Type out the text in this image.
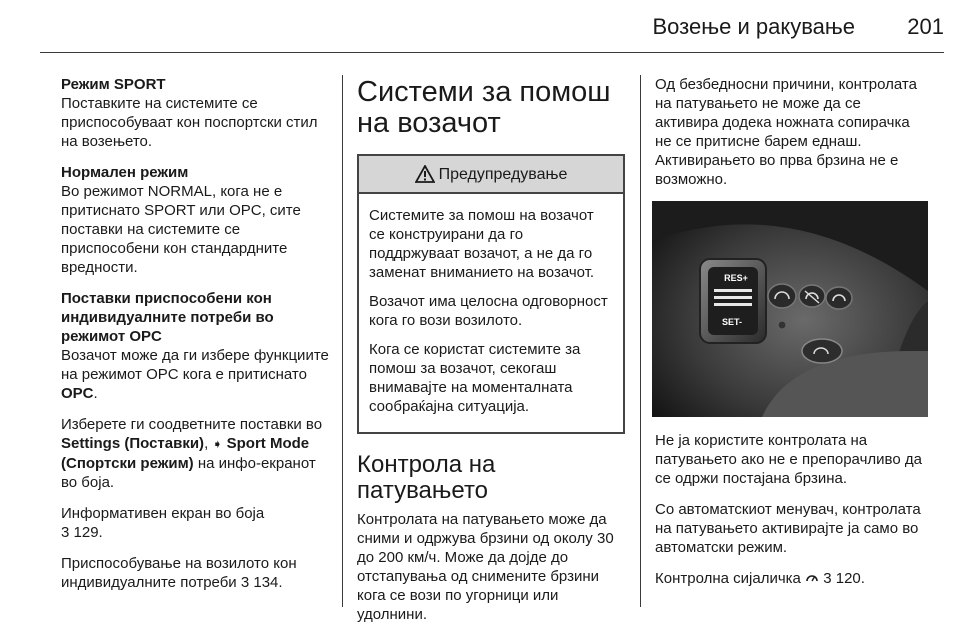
Возење и ракување 201
Режим SPORT
Поставките на системите се приспособуваат кон поспортски стил на возењето.
Нормален режим
Во режимот NORMAL, кога не е притиснато SPORT или OPC, сите поставки на системите се приспособени кон стандардните вредности.
Поставки приспособени кон индивидуалните потреби во режимот OPC
Возачот може да ги избере функциите на режимот OPC кога е притиснато OPC.
Изберете ги соодветните поставки во Settings (Поставки), ➧ Sport Mode (Спортски режим) на инфо-екранот во боја.
Информативен екран во боја
3 129.
Приспособување на возилото кон индивидуалните потреби 3 134.
Системи за помош на возачот
Предупредување
Системите за помош на возачот се конструирани да го поддржуваат возачот, а не да го заменат вниманието на возачот.
Возачот има целосна одговорност кога го вози возилото.
Кога се користат системите за помош за возачот, секогаш внимавајте на моменталната сообраќајна ситуација.
Контрола на патувањето
Контролата на патувањето може да сними и одржува брзини од околу 30 до 200 км/ч. Може да дојде до отстапувања од снимените брзини кога се вози по угорници или удолнини.
Од безбедносни причини, контролата на патувањето не може да се активира додека ножната сопирачка не се притисне барем еднаш. Активирањето во прва брзина не е возможно.
RES+
SET-
Не ја користите контролата на патувањето ако не е препорачливо да се одржи постајана брзина.
Со автоматскиот менувач, контролата на патувањето активирајте ја само во автоматски режим.
Контролна сијаличка  3 120.
